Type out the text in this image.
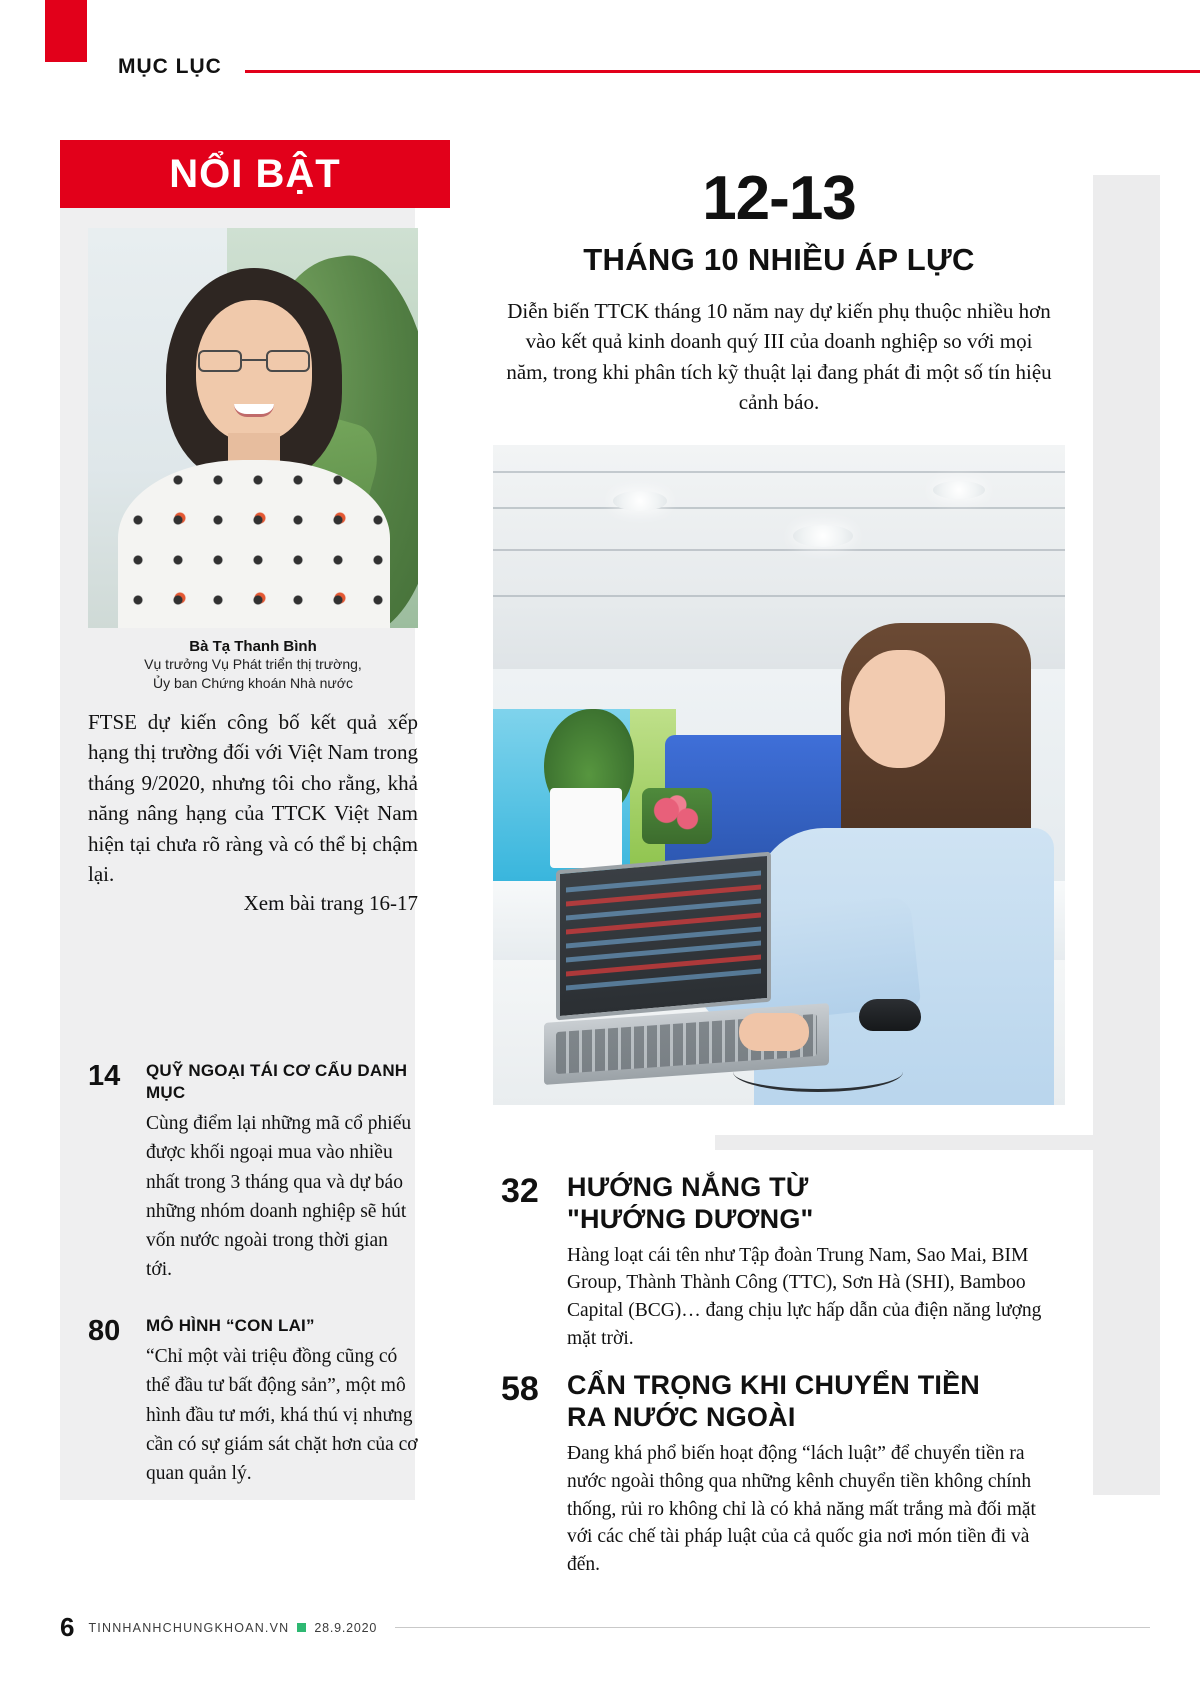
MỤC LỤC
NỔI BẬT
Bà Tạ Thanh Bình
Vụ trưởng Vụ Phát triển thị trường,
Ủy ban Chứng khoán Nhà nước
FTSE dự kiến công bố kết quả xếp hạng thị trường đối với Việt Nam trong tháng 9/2020, nhưng tôi cho rằng, khả năng nâng hạng của TTCK Việt Nam hiện tại chưa rõ ràng và có thể bị chậm lại.
Xem bài trang 16-17
14 QUỸ NGOẠI TÁI CƠ CẤU DANH MỤC
Cùng điểm lại những mã cổ phiếu được khối ngoại mua vào nhiều nhất trong 3 tháng qua và dự báo những nhóm doanh nghiệp sẽ hút vốn nước ngoài trong thời gian tới.
80 MÔ HÌNH “CON LAI”
“Chỉ một vài triệu đồng cũng có thể đầu tư bất động sản”, một mô hình đầu tư mới, khá thú vị nhưng cần có sự giám sát chặt hơn của cơ quan quản lý.
12-13
THÁNG 10 NHIỀU ÁP LỰC
Diễn biến TTCK tháng 10 năm nay dự kiến phụ thuộc nhiều hơn vào kết quả kinh doanh quý III của doanh nghiệp so với mọi năm, trong khi phân tích kỹ thuật lại đang phát đi một số tín hiệu cảnh báo.
32 HƯỚNG NẮNG TỪ
"HƯỚNG DƯƠNG"
Hàng loạt cái tên như Tập đoàn Trung Nam, Sao Mai, BIM Group, Thành Thành Công (TTC), Sơn Hà (SHI), Bamboo Capital (BCG)… đang chịu lực hấp dẫn của điện năng lượng mặt trời.
58 CẨN TRỌNG KHI CHUYỂN TIỀN
RA NƯỚC NGOÀI
Đang khá phổ biến hoạt động “lách luật” để chuyển tiền ra nước ngoài thông qua những kênh chuyển tiền không chính thống, rủi ro không chỉ là có khả năng mất trắng mà đối mặt với các chế tài pháp luật của cả quốc gia nơi món tiền đi và đến.
6 TINNHANHCHUNGKHOAN.VN 28.9.2020
